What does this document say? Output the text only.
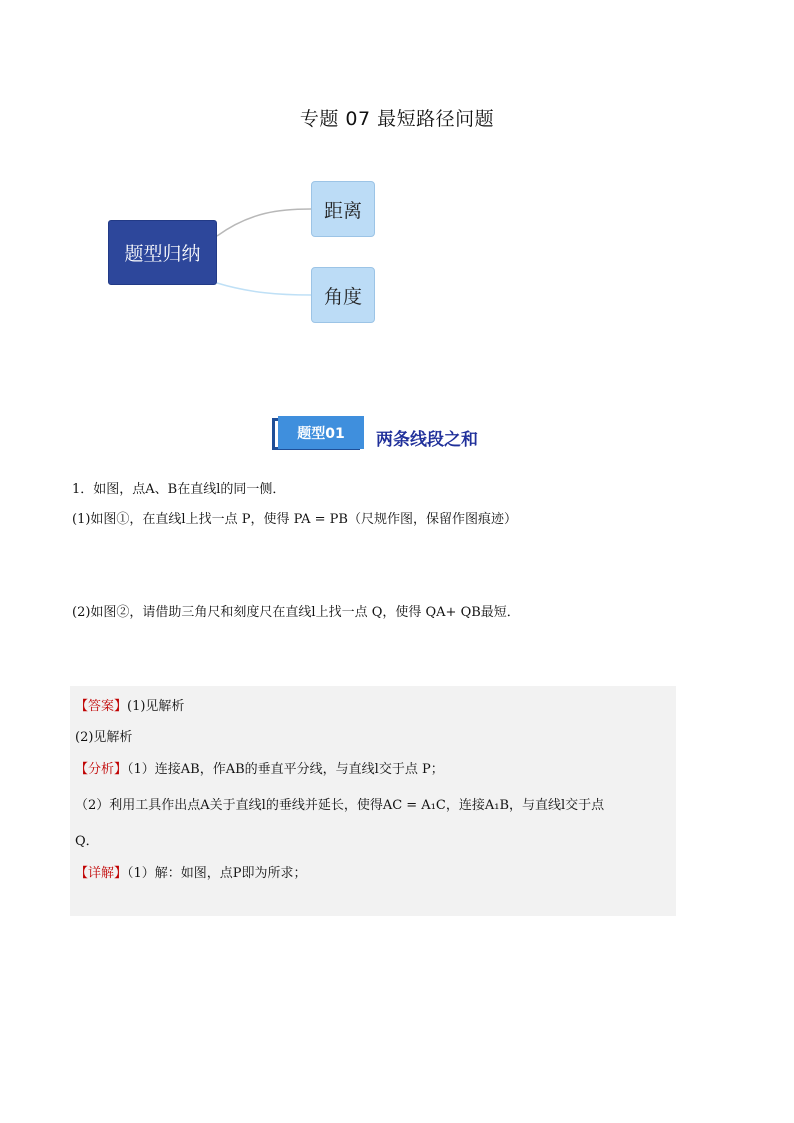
专题 07 最短路径问题
题型归纳
距离
角度
题型01	两条线段之和
1．如图，点A、B在直线l的同一侧．
(1)如图①，在直线l上找一点 P，使得 PA = PB（尺规作图，保留作图痕迹）
(2)如图②，请借助三角尺和刻度尺在直线l上找一点 Q，使得 QA+ QB最短．
【答案】(1)见解析
(2)见解析
【分析】（1）连接AB，作AB的垂直平分线，与直线l交于点 P；
（2）利用工具作出点A关于直线l的垂线并延长，使得AC = A₁C，连接A₁B，与直线l交于点
Q．
【详解】（1）解：如图，点P即为所求；
